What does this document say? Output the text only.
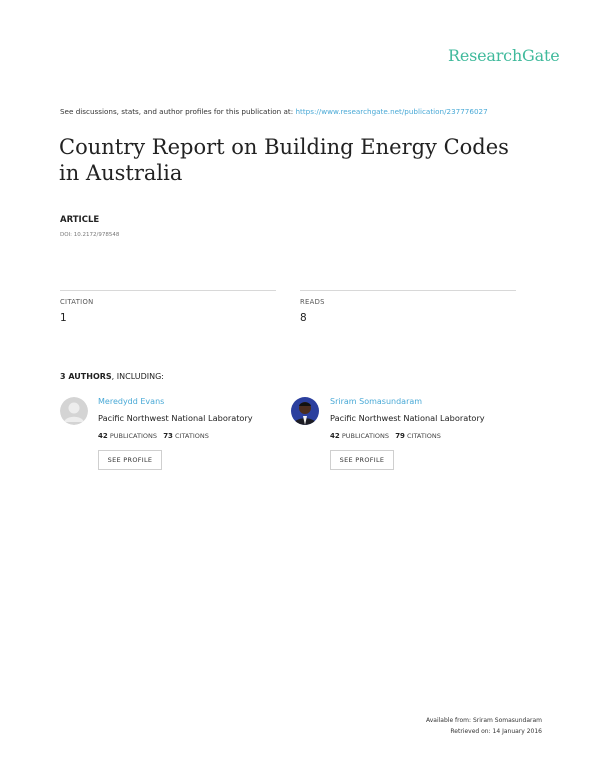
ResearchGate
See discussions, stats, and author profiles for this publication at: https://www.researchgate.net/publication/237776027
Country Report on Building Energy Codes in Australia
ARTICLE
DOI: 10.2172/978548
CITATION
1
READS
8
3 AUTHORS, INCLUDING:
Meredydd Evans
Pacific Northwest National Laboratory
42 PUBLICATIONS 73 CITATIONS
SEE PROFILE
Sriram Somasundaram
Pacific Northwest National Laboratory
42 PUBLICATIONS 79 CITATIONS
SEE PROFILE
Available from: Sriram Somasundaram
Retrieved on: 14 January 2016
